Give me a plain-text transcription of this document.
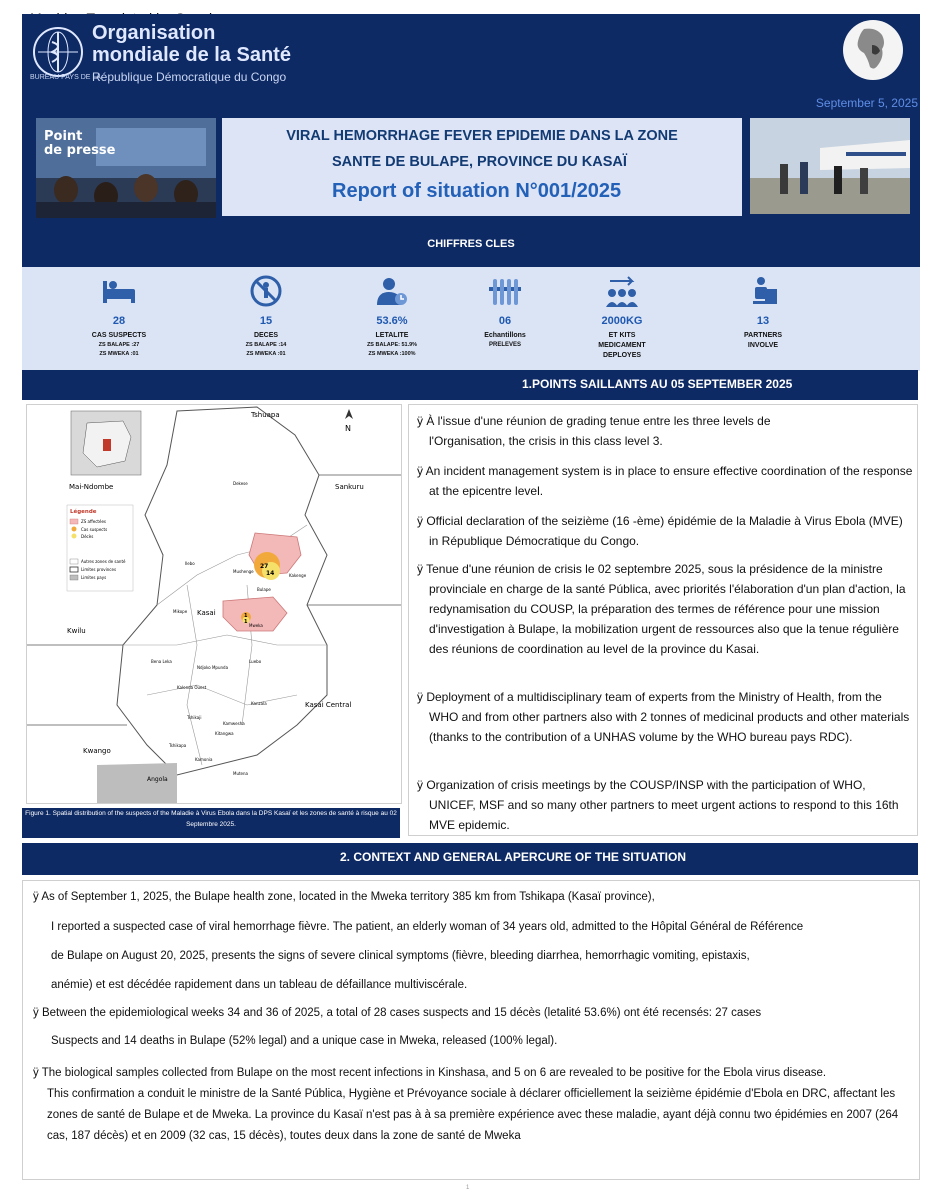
Organisation
mondiale de la Santé
BUREAU PAYS DE LA
République Démocratique du Congo
September 5, 2025
Point
de presse
VIRAL HEMORRHAGE FEVER EPIDEMIE DANS LA ZONE
SANTE DE BULAPE, PROVINCE DU KASAÏ
Report of situation N°001/2025
CHIFFRES CLES
28
CAS SUSPECTS
ZS BALAPE :27
ZS MWEKA :01
15
DECES
ZS BALAPE :14
ZS MWEKA :01
53.6%
LETALITE
ZS BALAPE: 51.9%
ZS MWEKA :100%
06
Echantillons
PRELEVES
2000KG
ET KITS
MEDICAMENT
DEPLOYES
13
PARTNERS
INVOLVE
1.POINTS SAILLANTS AU 05 SEPTEMBER 2025
27
14
1
1
Tshuapa
Mai-Ndombe	Sankuru
Kasai
Kwilu
Kasai Central
Kwango
Angola
Bulape
Mweka
Kakenge
Mushenge
Dekese
Ilebo
Mikope
Bena Leka	Luebo
Tshikapa
Kamonia
Mutena
Kanzala
Kamwesha
Kitangwa
Ndjoko Mpunda
Kalonda Ouest
Tshikaji
N
Légende
ZS affectées
Cas suspects
Décès
Autres zones de santé
Limites provinces
Limites pays
Figure 1. Spatial distribution of the suspects of the Maladie à Virus Ebola dans la DPS Kasaï et les zones de santé à risque au 02 Septembre 2025.
ÿ À l'issue d'une réunion de grading tenue entre les three levels de
l'Organisation, the crisis in this class level 3.
ÿ An incident management system is in place to ensure effective coordination of the response
at the epicentre level.
ÿ Official declaration of the seizième (16 -ème) épidémie de la Maladie à Virus Ebola (MVE)
in République Démocratique du Congo.
ÿ Tenue d'une réunion de crisis le 02 septembre 2025, sous la présidence de la ministre
provinciale en charge de la santé Públic​a, avec priorités l'élaboration d'un plan d'action, la
redynamisation du COUSP, la préparation des termes de référence pour une mission
d'investigation à Bulape, la mobilization urgent de ressources also que la tenue régulière
des réunions de coordination au level de la province du Kasai.
ÿ Deployment of a multidisciplinary team of experts from the Ministry of Health, from the
WHO and from other partners also with 2 tonnes of medicinal products and other materials
(thanks to the contribution of a UNHAS volume by the WHO bureau pays RDC).
ÿ Organization of crisis meetings by the COUSP/INSP with the participation of WHO,
UNICEF, MSF and so many other partners to meet urgent actions to respond to this 16th
MVE epidemic.
2. CONTEXT AND GENERAL APERCURE OF THE SITUATION
ÿ As of September 1, 2025, the Bulape health zone, located in the Mweka territory 385 km from Tshikapa (Kasaï province),
I reported a suspected case of viral hemorrhage fièvre. The patient, an elderly woman of 34 years old, admitted to the Hôpital Général de Référence
de Bulape on August 20, 2025, presents the signs of severe clinical symptoms (fièvre, bleeding diarrhea, hemorrhagic vomiting, epistaxis,
anémie) et est décédée rapidement dans un tableau de défaillance multiviscérale.
ÿ Between the epidemiological weeks 34 and 36 of 2025, a total of 28 cases suspects and 15 décès (letalité 53.6%) ont été recensés: 27 cases
Suspects and 14 deaths in Bulape (52% legal) and a unique case in Mweka, released (100% legal).
ÿ The biological samples collected from Bulape on the most recent infections in Kinshasa, and 5 on 6 are revealed to be positive for the Ebola virus disease.
This confirmation a conduit le ministre de la Santé Públic​a, Hygiène et Prévoyance sociale à déclarer officiellement la seizième épidémie d'Ebola en DRC, affectant les
zones de santé de Bulape et de Mweka. La province du Kasaï n'est pas à à sa première expérience avec these maladie, ayant déjà connu two épidémies en 2007 (264
cas, 187 décès) et en 2009 (32 cas, 15 décès), toutes deux dans la zone de santé de Mweka
1
